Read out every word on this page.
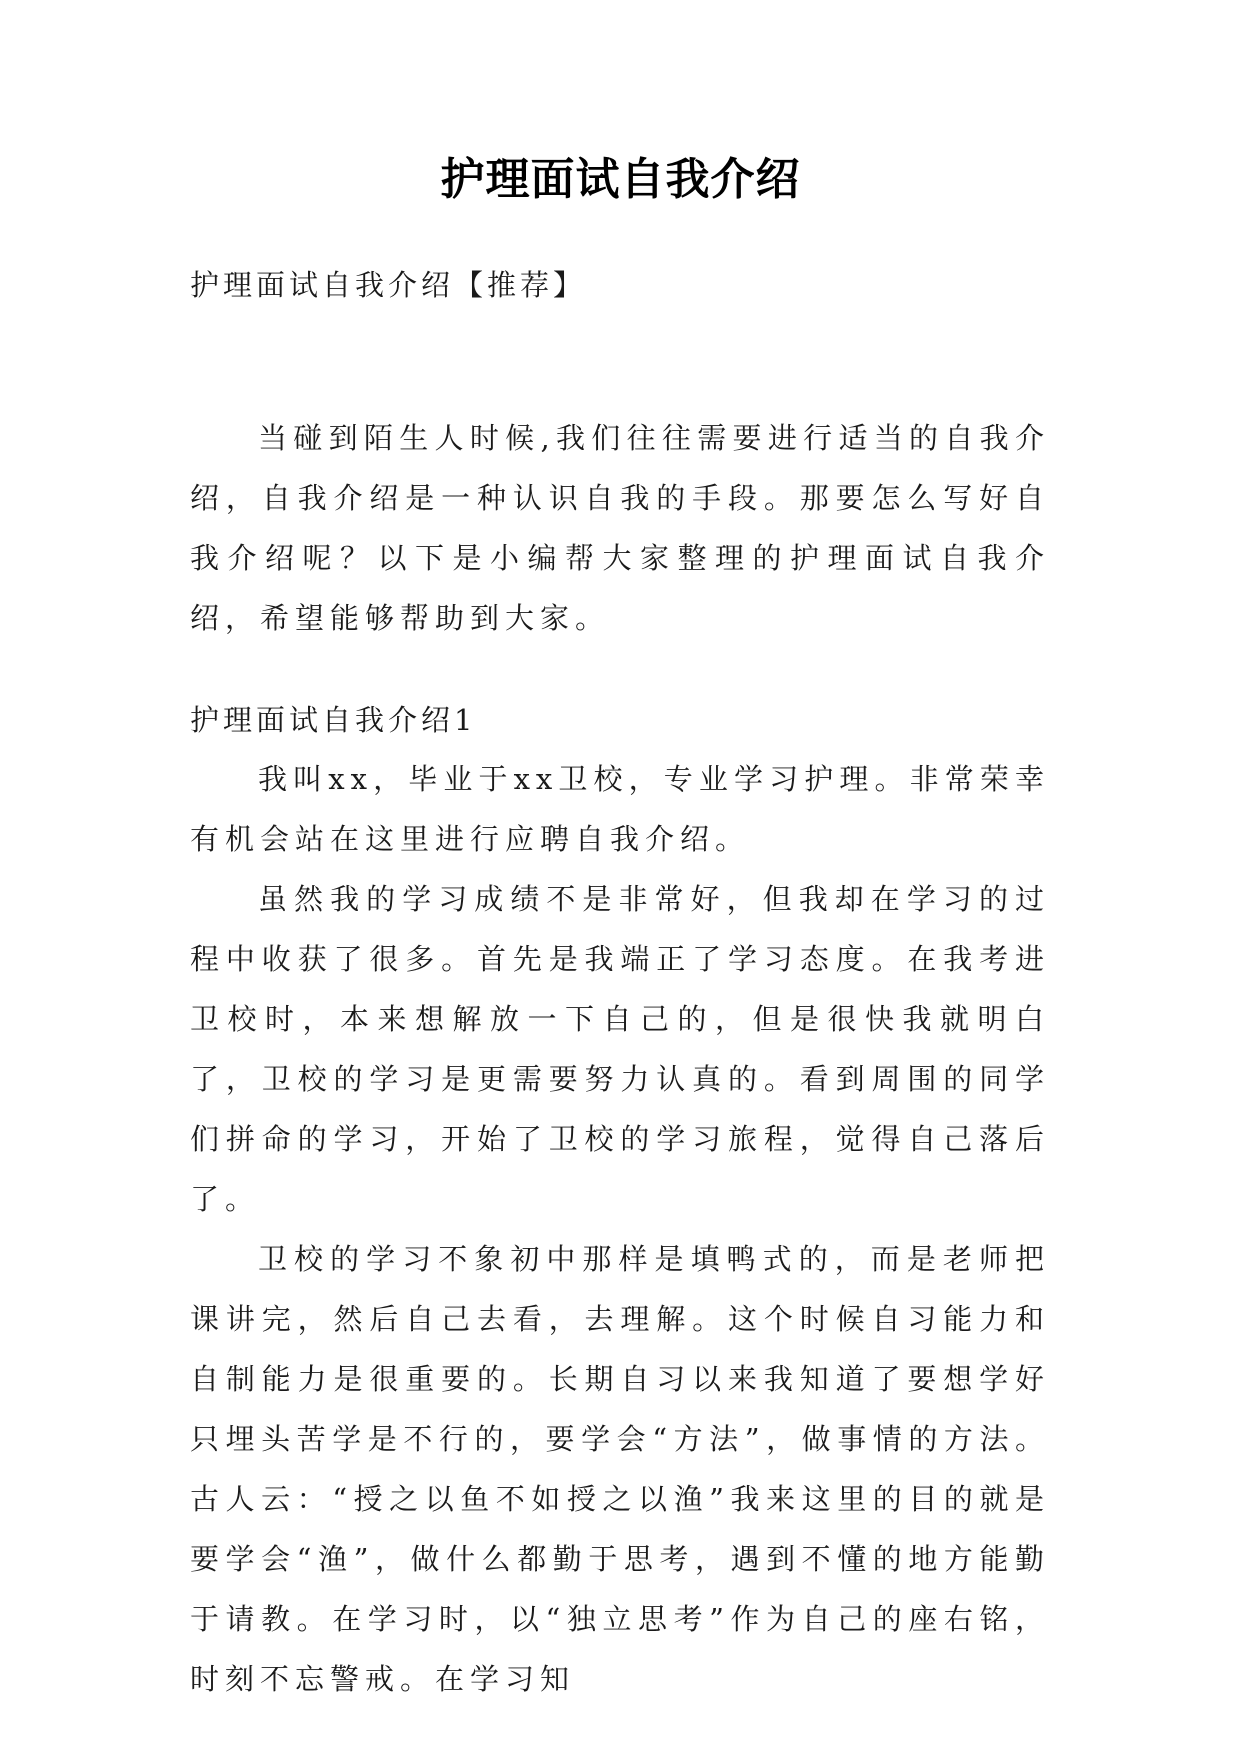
护理面试自我介绍
护理面试自我介绍【推荐】

当碰到陌生人时候,我们往往需要进行适当的自我介绍，自我介绍是一种认识自我的手段。那要怎么写好自我介绍呢？以下是小编帮大家整理的护理面试自我介绍，希望能够帮助到大家。

护理面试自我介绍1

我叫xx，毕业于xx卫校，专业学习护理。非常荣幸有机会站在这里进行应聘自我介绍。

虽然我的学习成绩不是非常好，但我却在学习的过程中收获了很多。首先是我端正了学习态度。在我考进卫校时，本来想解放一下自己的，但是很快我就明白了，卫校的学习是更需要努力认真的。看到周围的同学们拼命的学习，开始了卫校的学习旅程，觉得自己落后了。

卫校的学习不象初中那样是填鸭式的，而是老师把课讲完，然后自己去看，去理解。这个时候自习能力和自制能力是很重要的。长期自习以来我知道了要想学好只埋头苦学是不行的，要学会“方法”，做事情的方法。古人云：“授之以鱼不如授之以渔”我来这里的目的就是要学会“渔”，做什么都勤于思考，遇到不懂的地方能勤于请教。在学习时，以“独立思考”作为自己的座右铭，时刻不忘警戒。在学习知
